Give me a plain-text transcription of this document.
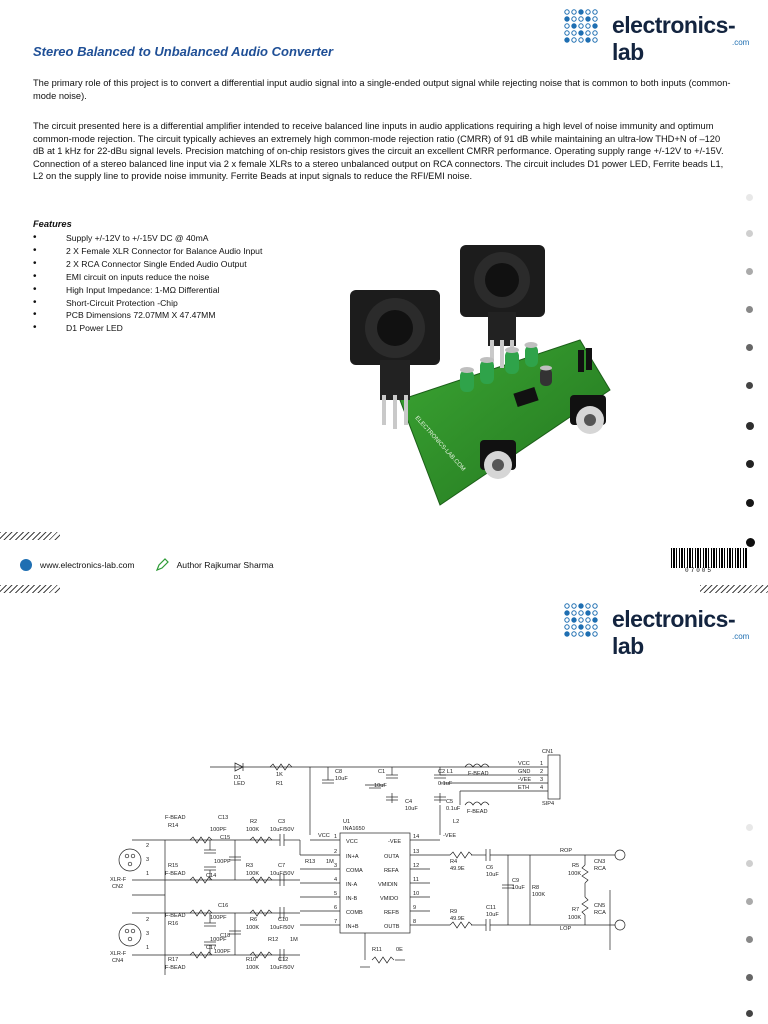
electronics-lab	.com
Stereo Balanced to Unbalanced Audio Converter

The primary role of this project is to convert a differential input audio signal into a single-ended output signal while rejecting noise that is common to both inputs (common-mode noise).

The circuit presented here is a differential amplifier intended to receive balanced line inputs in audio applications requiring a high level of noise immunity and optimum common-mode rejection. The circuit typically achieves an extremely high common-mode rejection ratio (CMRR) of 91 dB while maintaining an ultra-low THD+N of –120 dB at 1 kHz for 22-dBu signal levels. Precision matching of on-chip resistors gives the circuit an excellent CMRR performance. Operating supply range +/-12V to +/-15V. Connection of a stereo balanced line input via 2 x female XLRs to a stereo unbalanced output on RCA connectors. The circuit includes D1 power LED, Ferrite beads L1, L2 on the supply line to provide noise immunity. Ferrite Beads at input signals to reduce the RFI/EMI noise.

Features

• Supply +/-12V to +/-15V DC @ 40mA
• 2 X Female XLR Connector for Balance Audio Input
• 2 X RCA Connector Single Ended Audio Output
• EMI circuit on inputs reduce the noise
• High Input Impedance: 1-MΩ Differential
• Short-Circuit Protection -Chip
• PCB Dimensions 72.07MM X 47.47MM
• D1 Power LED
ELECTRONICS-LAB.COM
www.electronics-lab.com	Author Rajkumar Sharma
07005
electronics-lab	.com
CN1
SIP4
VCC
GND
-VEE
ETH
1
2
3
4
D1
LED
1K
R1
C8
10uF
C1
10uF
C2 L1
0.1uF
F-BEAD
C4
10uF
C5
0.1uF F-BEAD
L2
U1
INA1650
VCC	-VEE
VCC	-VEE
IN+A	OUTA
COMA	REFA
IN-A	VMIDIN
IN-B	VMIDO
COMB	REFB
IN+B	OUTB
1
2
3
4
5
6
7
14
13
12
11
10
9
8
F-BEAD
R14
C13
100PF
R2
100K
C3
10uF/50V
C15
100PF
R15
F-BEAD
R3
100K
C7
10uF/50V
R13 1M
C14
XLR-F
CN2
2
3
1
F-BEAD
R16
C16
100PF	R6
100K
C10
10uF/50V
C18
100PF
C17
100PF
R17
F-BEAD
R10
100K
C12
10uF/50V
R12 1M
XLR-F
CN4
2
3
1	R11	0E
R4
49.9E	C6
10uF
C9
10uF R8
100K
R9
49.9E
C11
10uF
ROP
LOP
R5
100K
R7
100K
CN3
RCA
CN5
RCA
